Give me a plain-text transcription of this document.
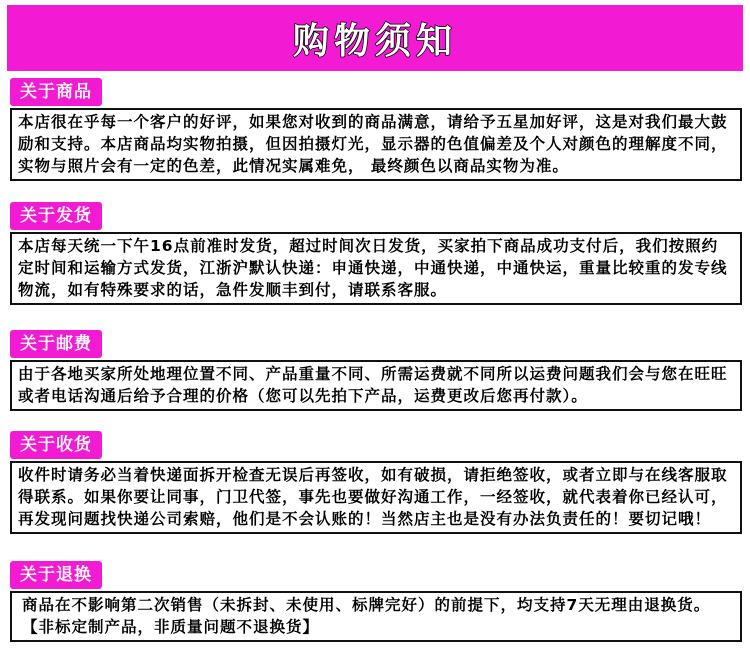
购物须知
关于商品
本店很在乎每一个客户的好评，如果您对收到的商品满意，请给予五星加好评，这是对我们最大鼓励和支持。本店商品均实物拍摄，但因拍摄灯光，显示器的色值偏差及个人对颜色的理解度不同，实物与照片会有一定的色差，此情况实属难免， 最终颜色以商品实物为准。
关于发货
本店每天统一下午16点前准时发货，超过时间次日发货，买家拍下商品成功支付后，我们按照约定时间和运输方式发货，江浙沪默认快递：申通快递，中通快递，中通快运，重量比较重的发专线物流，如有特殊要求的话，急件发顺丰到付，请联系客服。
关于邮费
由于各地买家所处地理位置不同、产品重量不同、所需运费就不同所以运费问题我们会与您在旺旺或者电话沟通后给予合理的价格（您可以先拍下产品，运费更改后您再付款）。
关于收货
收件时请务必当着快递面拆开检查无误后再签收，如有破损，请拒绝签收，或者立即与在线客服取得联系。如果你要让同事，门卫代签，事先也要做好沟通工作，一经签收，就代表着你已经认可，再发现问题找快递公司索赔，他们是不会认账的！当然店主也是没有办法负责任的！要切记哦！
关于退换
商品在不影响第二次销售（未拆封、未使用、标牌完好）的前提下，均支持7天无理由退换货。【非标定制产品，非质量问题不退换货】
